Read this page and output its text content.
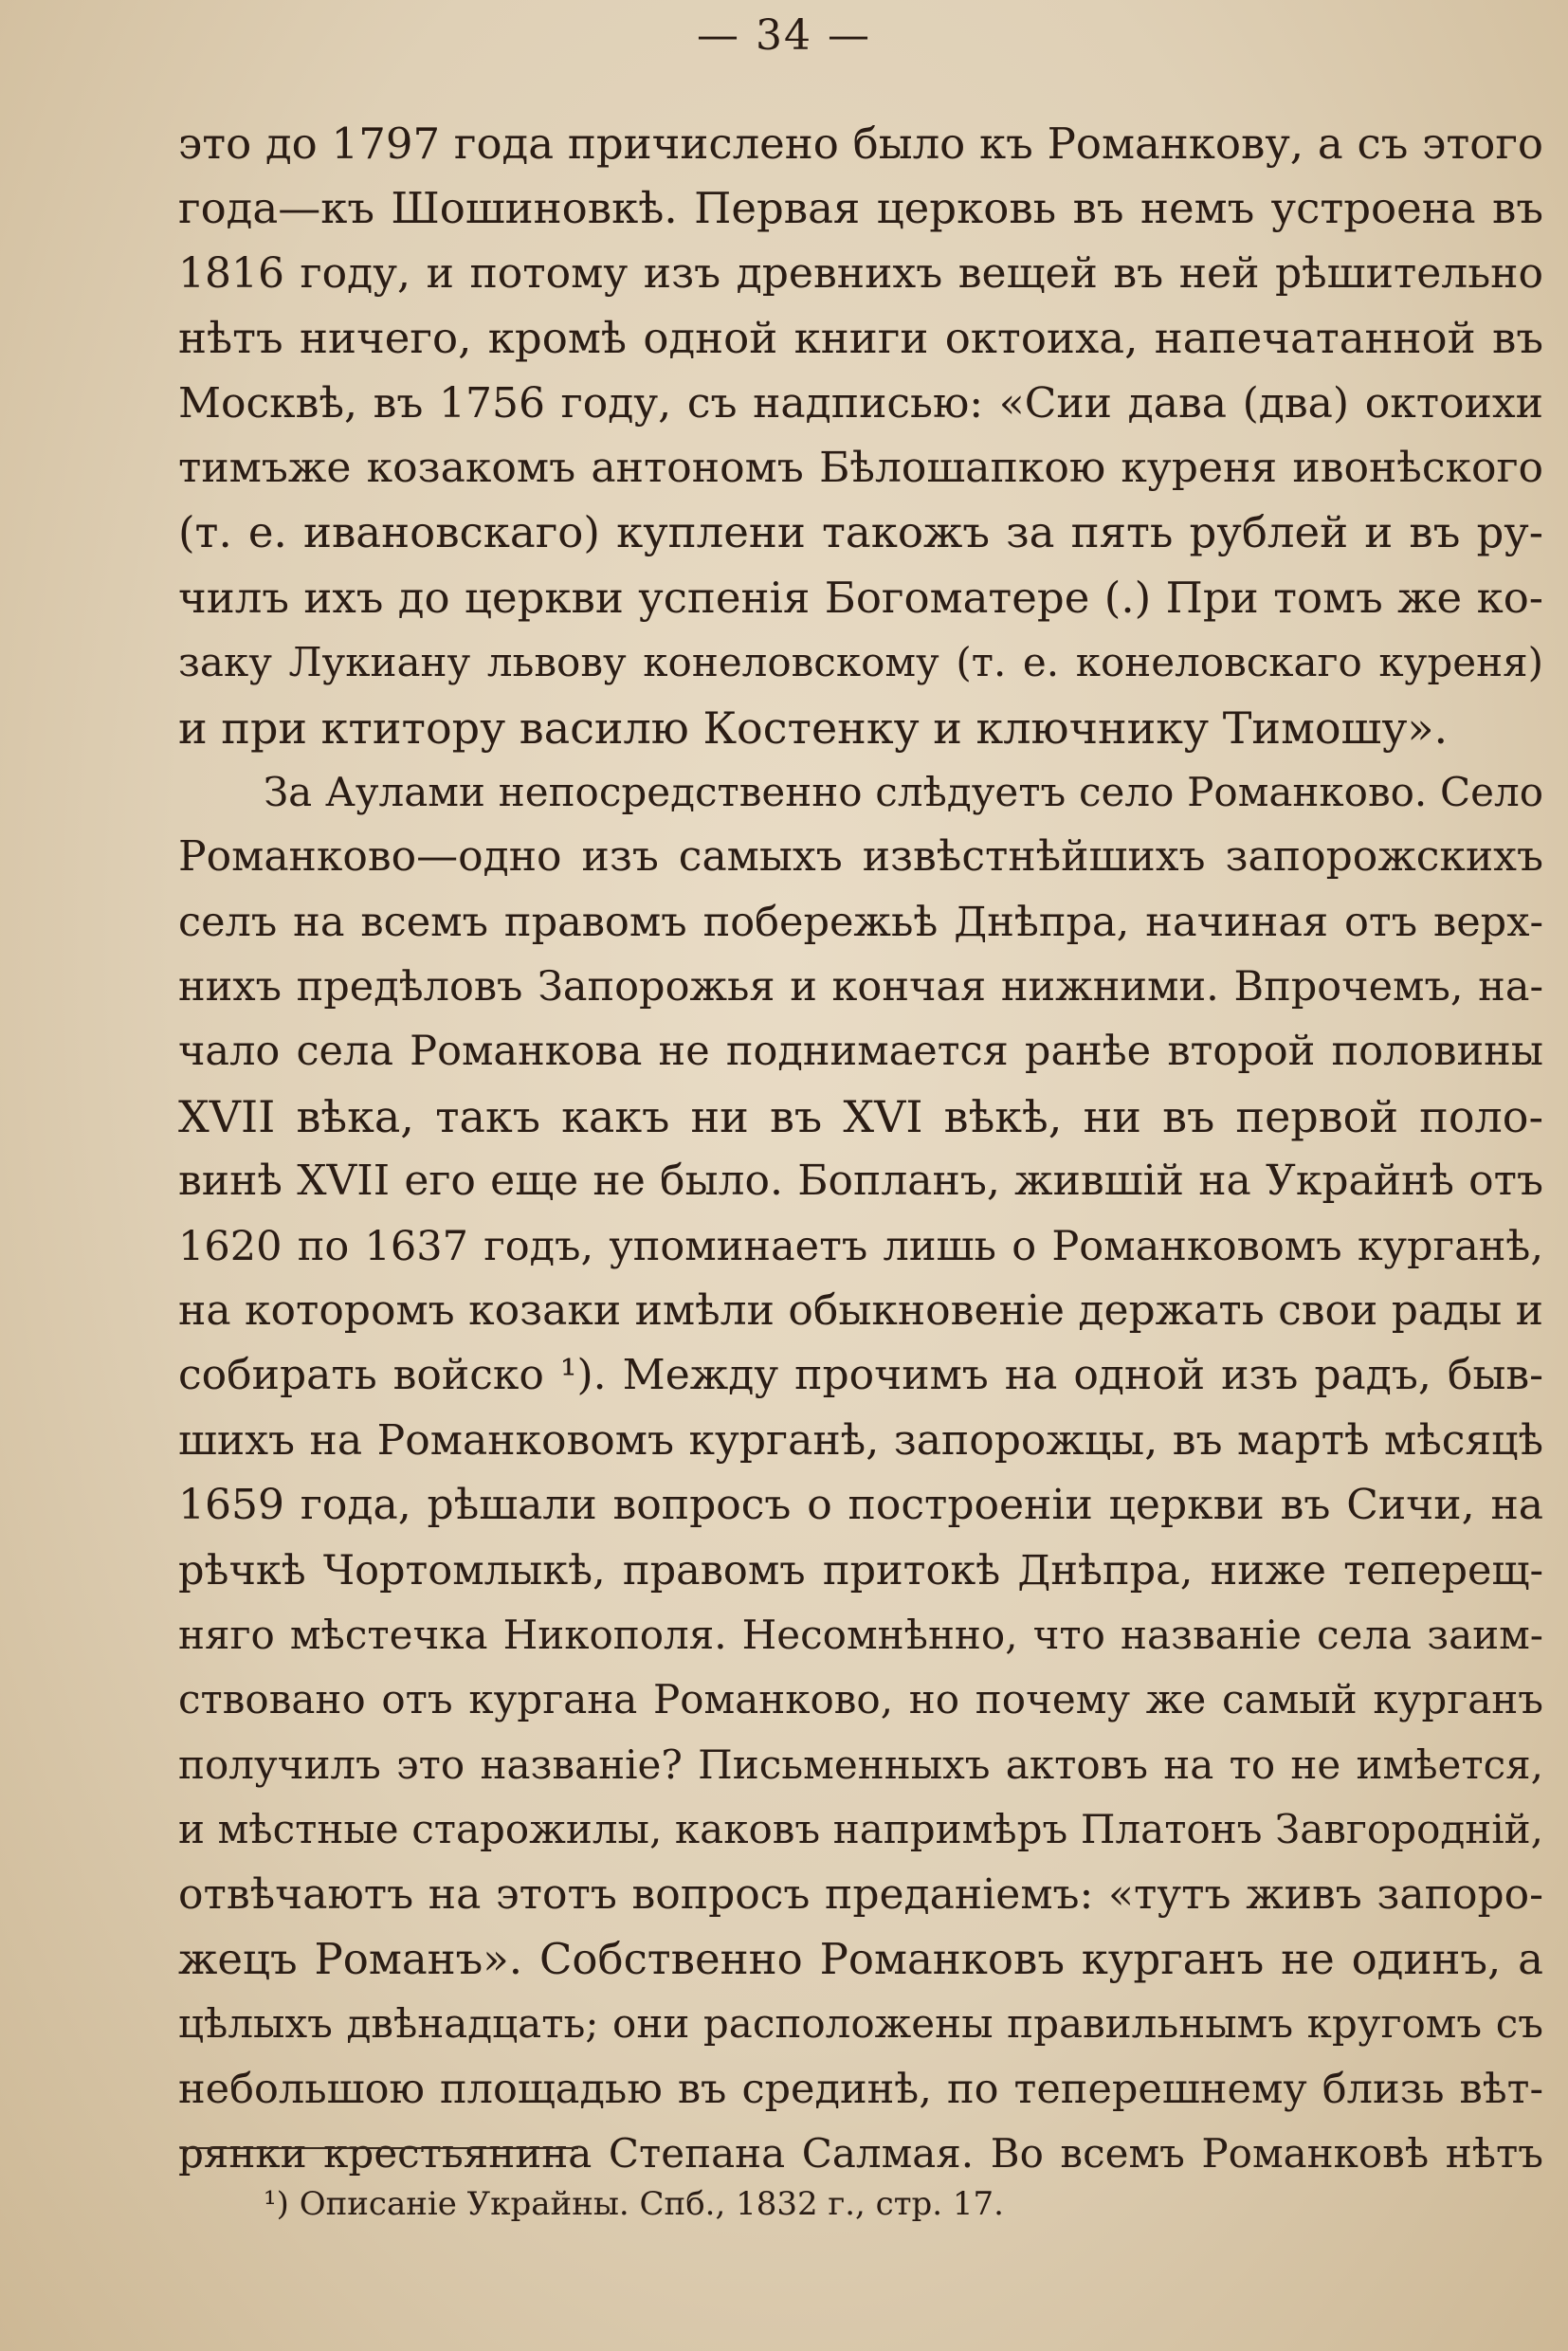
— 34 —
это до 1797 года причислено было къ Романкову, а съ этого
года—къ Шошиновкѣ. Первая церковь въ немъ устроена въ
1816 году, и потому изъ древнихъ вещей въ ней рѣшительно
нѣтъ ничего, кромѣ одной книги октоиха, напечатанной въ
Москвѣ, въ 1756 году, съ надписью: «Сии дава (два) октоихи
тимъже козакомъ антономъ Бѣлошапкою куреня ивонѣского
(т. е. ивановскаго) куплени такожъ за пять рублей и въ ру-
чилъ ихъ до церкви успенія Богоматере (.) При томъ же ко-
заку Лукиану львову конеловскому (т. е. конеловскаго куреня)
и при ктитору василю Костенку и ключнику Тимошу».
За Аулами непосредственно слѣдуетъ село Романково. Село
Романково—одно изъ самыхъ извѣстнѣйшихъ запорожскихъ
селъ на всемъ правомъ побережьѣ Днѣпра, начиная отъ верх-
нихъ предѣловъ Запорожья и кончая нижними. Впрочемъ, на-
чало села Романкова не поднимается ранѣе второй половины
XVII вѣка, такъ какъ ни въ XVI вѣкѣ, ни въ первой поло-
винѣ XVII его еще не было. Бопланъ, жившій на Украйнѣ отъ
1620 по 1637 годъ, упоминаетъ лишь о Романковомъ курганѣ,
на которомъ козаки имѣли обыкновеніе держать свои рады и
собирать войско ¹). Между прочимъ на одной изъ радъ, быв-
шихъ на Романковомъ курганѣ, запорожцы, въ мартѣ мѣсяцѣ
1659 года, рѣшали вопросъ о построеніи церкви въ Сичи, на
рѣчкѣ Чортомлыкѣ, правомъ притокѣ Днѣпра, ниже теперещ-
няго мѣстечка Никополя. Несомнѣнно, что названіе села заим-
ствовано отъ кургана Романково, но почему же самый курганъ
получилъ это названіе? Письменныхъ актовъ на то не имѣется,
и мѣстные старожилы, каковъ напримѣръ Платонъ Завгородній,
отвѣчаютъ на этотъ вопросъ преданіемъ: «тутъ живъ запоро-
жецъ Романъ». Собственно Романковъ курганъ не одинъ, а
цѣлыхъ двѣнадцать; они расположены правильнымъ кругомъ съ
небольшою площадью въ срединѣ, по теперешнему близь вѣт-
рянки крестьянина Степана Салмая. Во всемъ Романковѣ нѣтъ
¹) Описаніе Украйны. Спб., 1832 г., стр. 17.
